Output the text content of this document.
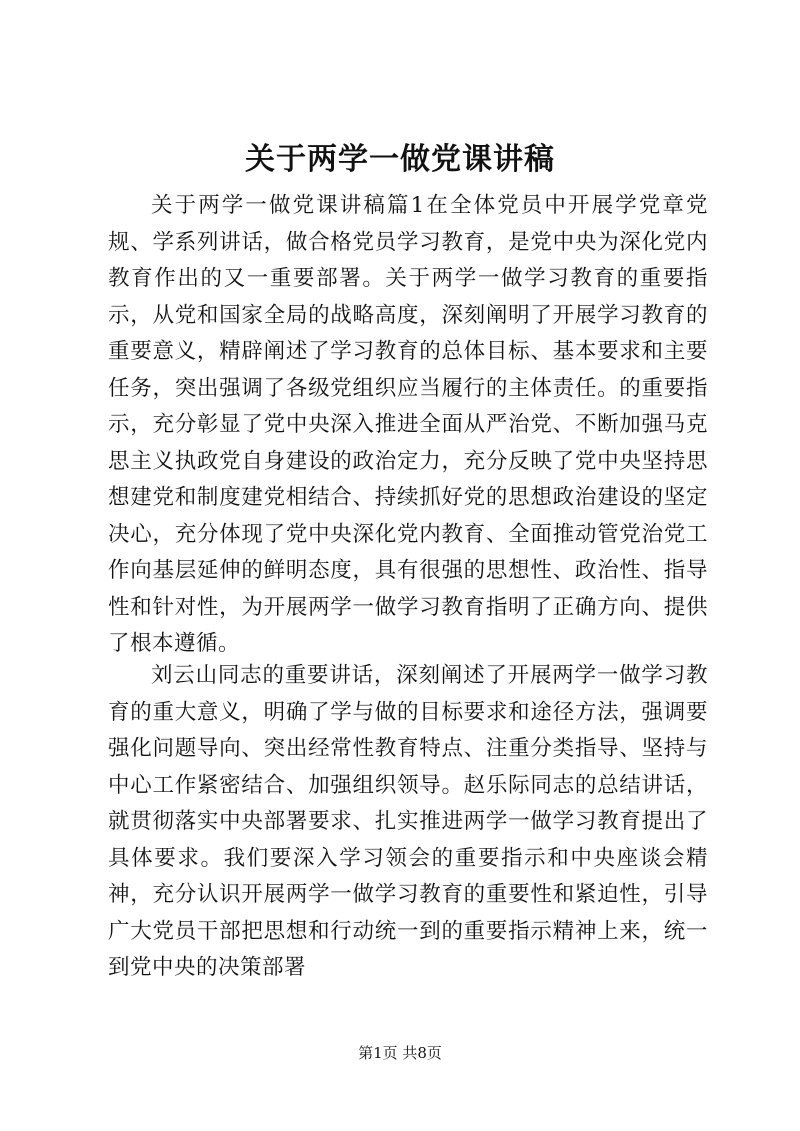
关于两学一做党课讲稿

关于两学一做党课讲稿篇1在全体党员中开展学党章党规、学系列讲话，做合格党员学习教育，是党中央为深化党内教育作出的又一重要部署。关于两学一做学习教育的重要指示，从党和国家全局的战略高度，深刻阐明了开展学习教育的重要意义，精辟阐述了学习教育的总体目标、基本要求和主要任务，突出强调了各级党组织应当履行的主体责任。的重要指示，充分彰显了党中央深入推进全面从严治党、不断加强马克思主义执政党自身建设的政治定力，充分反映了党中央坚持思想建党和制度建党相结合、持续抓好党的思想政治建设的坚定决心，充分体现了党中央深化党内教育、全面推动管党治党工作向基层延伸的鲜明态度，具有很强的思想性、政治性、指导性和针对性，为开展两学一做学习教育指明了正确方向、提供了根本遵循。

刘云山同志的重要讲话，深刻阐述了开展两学一做学习教育的重大意义，明确了学与做的目标要求和途径方法，强调要强化问题导向、突出经常性教育特点、注重分类指导、坚持与中心工作紧密结合、加强组织领导。赵乐际同志的总结讲话，就贯彻落实中央部署要求、扎实推进两学一做学习教育提出了具体要求。我们要深入学习领会的重要指示和中央座谈会精神，充分认识开展两学一做学习教育的重要性和紧迫性，引导广大党员干部把思想和行动统一到的重要指示精神上来，统一到党中央的决策部署

第1页 共8页
